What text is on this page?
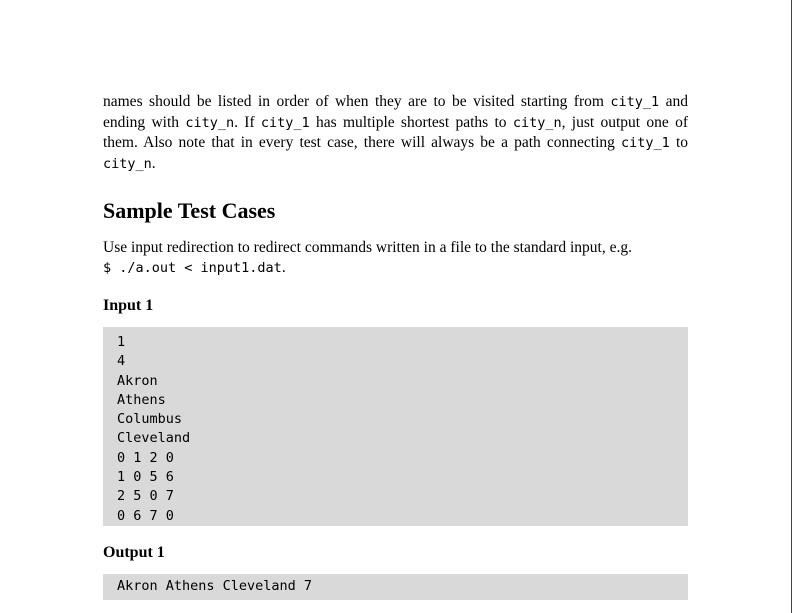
names should be listed in order of when they are to be visited starting from city_1 and ending with city_n. If city_1 has multiple shortest paths to city_n, just output one of them. Also note that in every test case, there will always be a path connecting city_1 to city_n.

Sample Test Cases

Use input redirection to redirect commands written in a file to the standard input, e.g.
$ ./a.out < input1.dat.

Input 1
1
4
Akron
Athens
Columbus
Cleveland
0 1 2 0
1 0 5 6
2 5 0 7
0 6 7 0
Output 1
Akron Athens Cleveland 7
